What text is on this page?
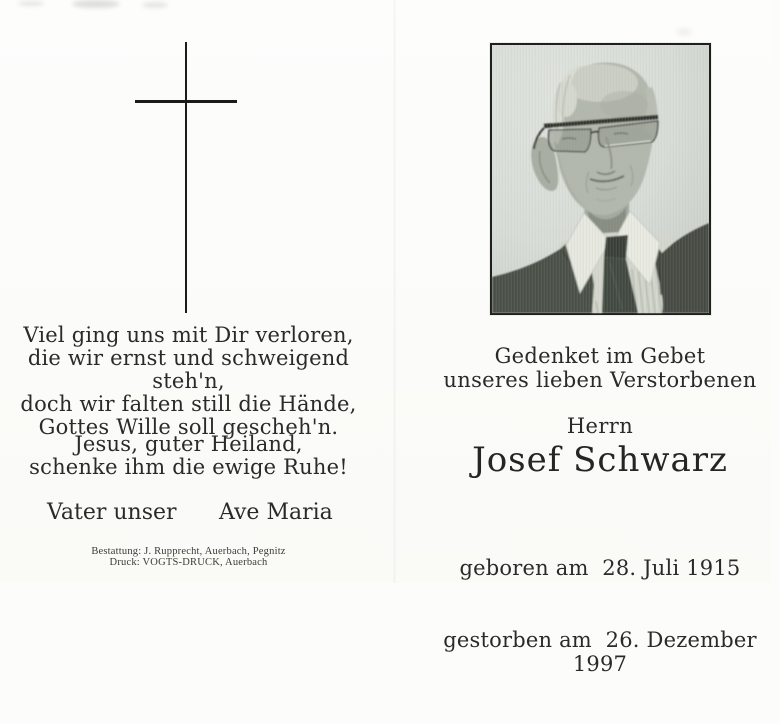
Viel ging uns mit Dir verloren,
die wir ernst und schweigend steh'n,
doch wir falten still die Hände,
Gottes Wille soll gescheh'n.
Jesus, guter Heiland,
schenke ihm die ewige Ruhe!
Vater unser Ave Maria
Bestattung: J. Rupprecht, Auerbach, Pegnitz
Druck: VOGTS-DRUCK, Auerbach
Gedenket im Gebet
unseres lieben Verstorbenen
Herrn
Josef Schwarz

geboren am  28. Juli 1915

gestorben am  26. Dezember 1997
